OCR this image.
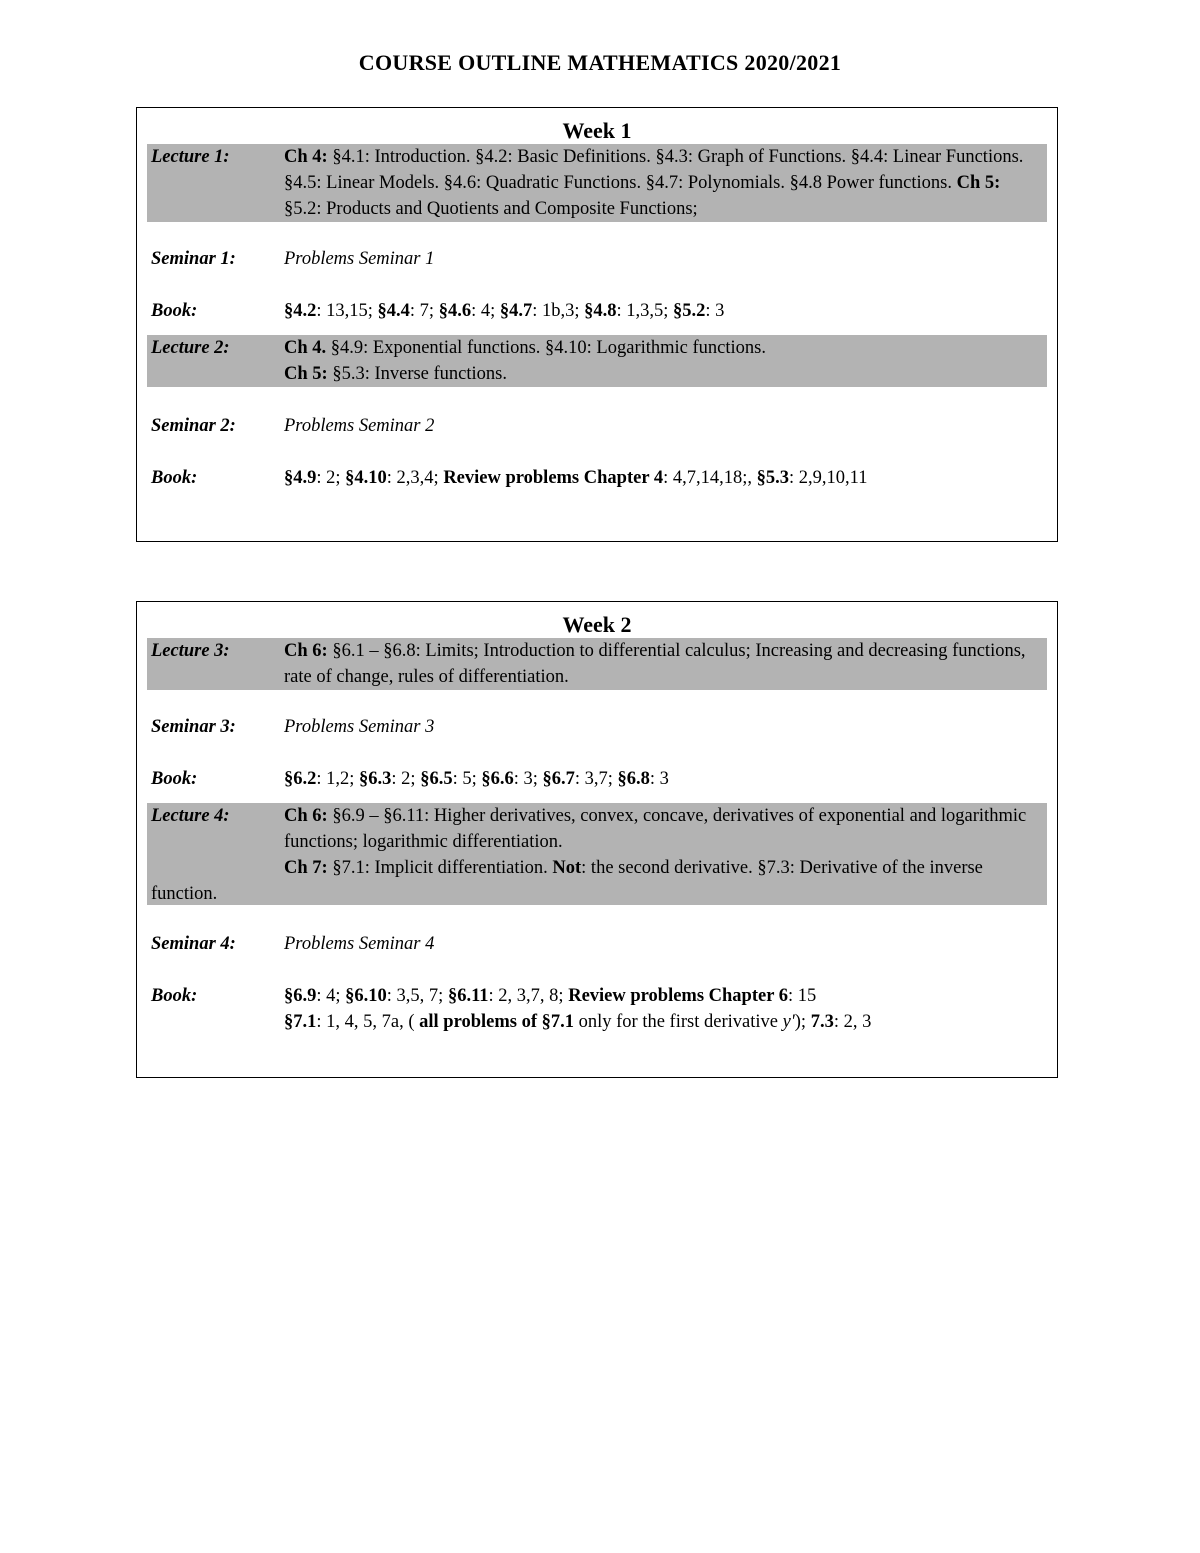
COURSE OUTLINE MATHEMATICS 2020/2021
Week 1
Lecture 1:	Ch 4: §4.1: Introduction. §4.2: Basic Definitions. §4.3: Graph of Functions. §4.4: Linear Functions. §4.5: Linear Models. §4.6: Quadratic Functions. §4.7: Polynomials. §4.8 Power functions. Ch 5: §5.2: Products and Quotients and Composite Functions;
Seminar 1:	Problems Seminar 1
Book:	§4.2: 13,15; §4.4: 7; §4.6: 4; §4.7: 1b,3; §4.8: 1,3,5; §5.2: 3
Lecture 2:	Ch 4. §4.9: Exponential functions. §4.10: Logarithmic functions.
Ch 5: §5.3: Inverse functions.
Seminar 2:	Problems Seminar 2
Book:	§4.9: 2; §4.10: 2,3,4; Review problems Chapter 4: 4,7,14,18;, §5.3: 2,9,10,11
Week 2
Lecture 3:	Ch 6: §6.1 – §6.8: Limits; Introduction to differential calculus; Increasing and decreasing functions, rate of change, rules of differentiation.
Seminar 3:	Problems Seminar 3
Book:	§6.2: 1,2; §6.3: 2; §6.5: 5; §6.6: 3; §6.7: 3,7; §6.8: 3
Lecture 4:	Ch 6: §6.9 – §6.11: Higher derivatives, convex, concave, derivatives of exponential and logarithmic functions; logarithmic differentiation.
Ch 7: §7.1: Implicit differentiation. Not: the second derivative. §7.3: Derivative of the inverse function.
Seminar 4:	Problems Seminar 4
Book:	§6.9: 4; §6.10: 3,5, 7; §6.11: 2, 3,7, 8; Review problems Chapter 6: 15
§7.1: 1, 4, 5, 7a, ( all problems of §7.1 only for the first derivative y'); 7.3: 2, 3
